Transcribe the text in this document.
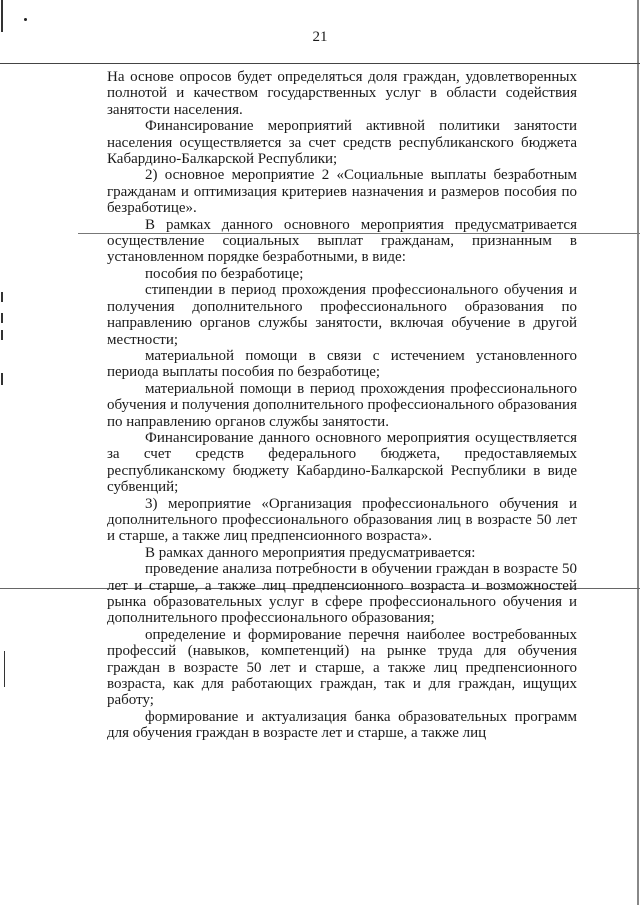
21

На основе опросов будет определяться доля граждан, удовлетворенных полнотой и качеством государственных услуг в области содействия занятости населения.

Финансирование мероприятий активной политики занятости населения осуществляется за счет средств республиканского бюджета Кабардино-Балкарской Республики;

2) основное мероприятие 2 «Социальные выплаты безработным гражданам и оптимизация критериев назначения и размеров пособия по безработице».

В рамках данного основного мероприятия предусматривается осуществление социальных выплат гражданам, признанным в установленном порядке безработными, в виде:

пособия по безработице;

стипендии в период прохождения профессионального обучения и получения дополнительного профессионального образования по направлению органов службы занятости, включая обучение в другой местности;

материальной помощи в связи с истечением установленного периода выплаты пособия по безработице;

материальной помощи в период прохождения профессионального обучения и получения дополнительного профессионального образования по направлению органов службы занятости.

Финансирование данного основного мероприятия осуществляется за счет средств федерального бюджета, предоставляемых республиканскому бюджету Кабардино-Балкарской Республики в виде субвенций;

3) мероприятие «Организация профессионального обучения и дополнительного профессионального образования лиц в возрасте 50 лет и старше, а также лиц предпенсионного возраста».

В рамках данного мероприятия предусматривается:

проведение анализа потребности в обучении граждан в возрасте 50 лет и старше, а также лиц предпенсионного возраста и возможностей рынка образовательных услуг в сфере профессионального обучения и дополнительного профессионального образования;

определение и формирование перечня наиболее востребованных профессий (навыков, компетенций) на рынке труда для обучения граждан в возрасте 50 лет и старше, а также лиц предпенсионного возраста, как для работающих граждан, так и для граждан, ищущих работу;

формирование и актуализация банка образовательных программ для обучения граждан в возрасте лет и старше, а также лиц
